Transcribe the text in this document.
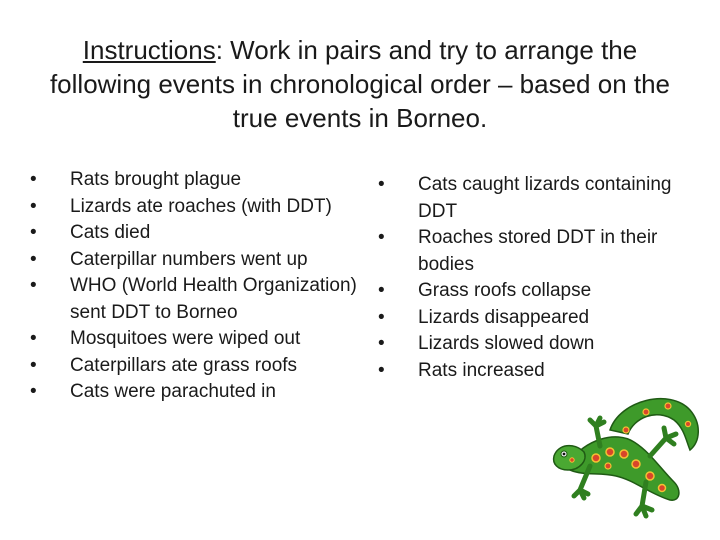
Instructions: Work in pairs and try to arrange the following events in chronological order – based on the true events in Borneo.
• Rats brought plague
• Lizards ate roaches (with DDT)
• Cats died
• Caterpillar numbers went up
• WHO (World Health Organization) sent DDT to Borneo
• Mosquitoes were wiped out
• Caterpillars ate grass roofs
• Cats were parachuted in
• Cats caught lizards containing DDT
• Roaches stored DDT in their bodies
• Grass roofs collapse
• Lizards disappeared
• Lizards slowed down
• Rats increased
